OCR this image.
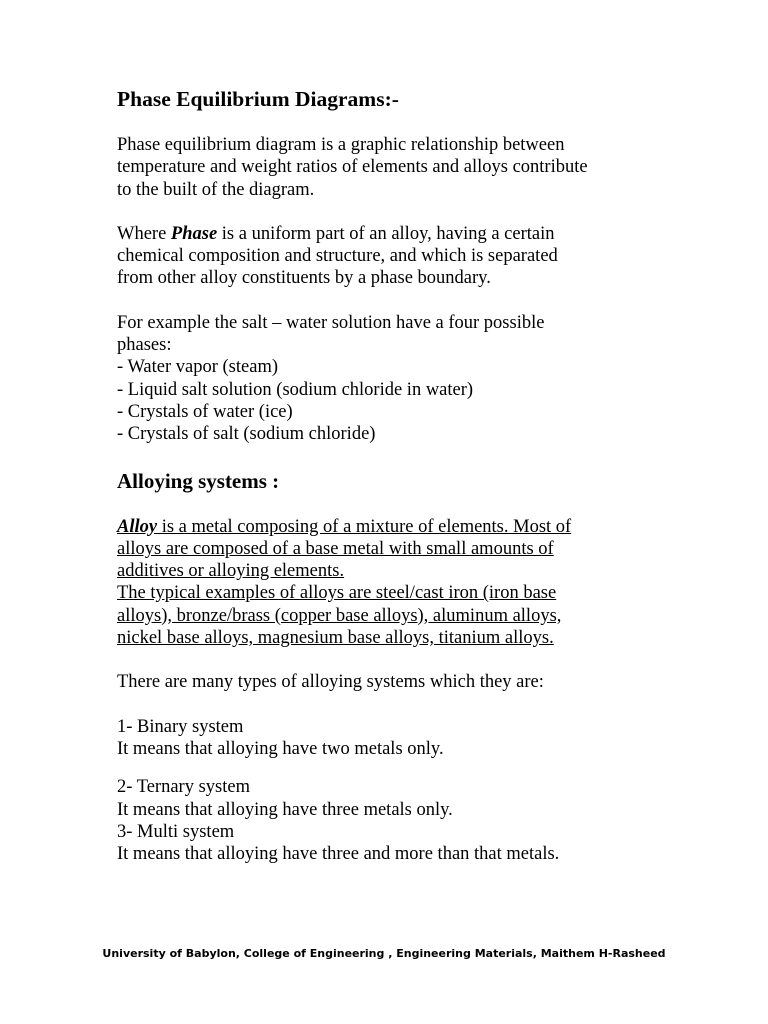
Phase Equilibrium Diagrams:-

Phase equilibrium diagram is a graphic relationship between
temperature and weight ratios of elements and alloys contribute
to the built of the diagram.

Where Phase is a uniform part of an alloy, having a certain
chemical composition and structure, and which is separated
from other alloy constituents by a phase boundary.

For example the salt – water solution have a four possible
phases:
- Water vapor (steam)
- Liquid salt solution (sodium chloride in water)
- Crystals of water (ice)
- Crystals of salt (sodium chloride)

Alloying systems :

Alloy is a metal composing of a mixture of elements. Most of
alloys are composed of a base metal with small amounts of
additives or alloying elements.
The typical examples of alloys are steel/cast iron (iron base
alloys), bronze/brass (copper base alloys), aluminum alloys,
nickel base alloys, magnesium base alloys, titanium alloys.

There are many types of alloying systems which they are:

1- Binary system
It means that alloying have two metals only.

2- Ternary system
It means that alloying have three metals only.

3- Multi system
It means that alloying have three and more than that metals.

University of Babylon, College of Engineering , Engineering Materials, Maithem H-Rasheed
